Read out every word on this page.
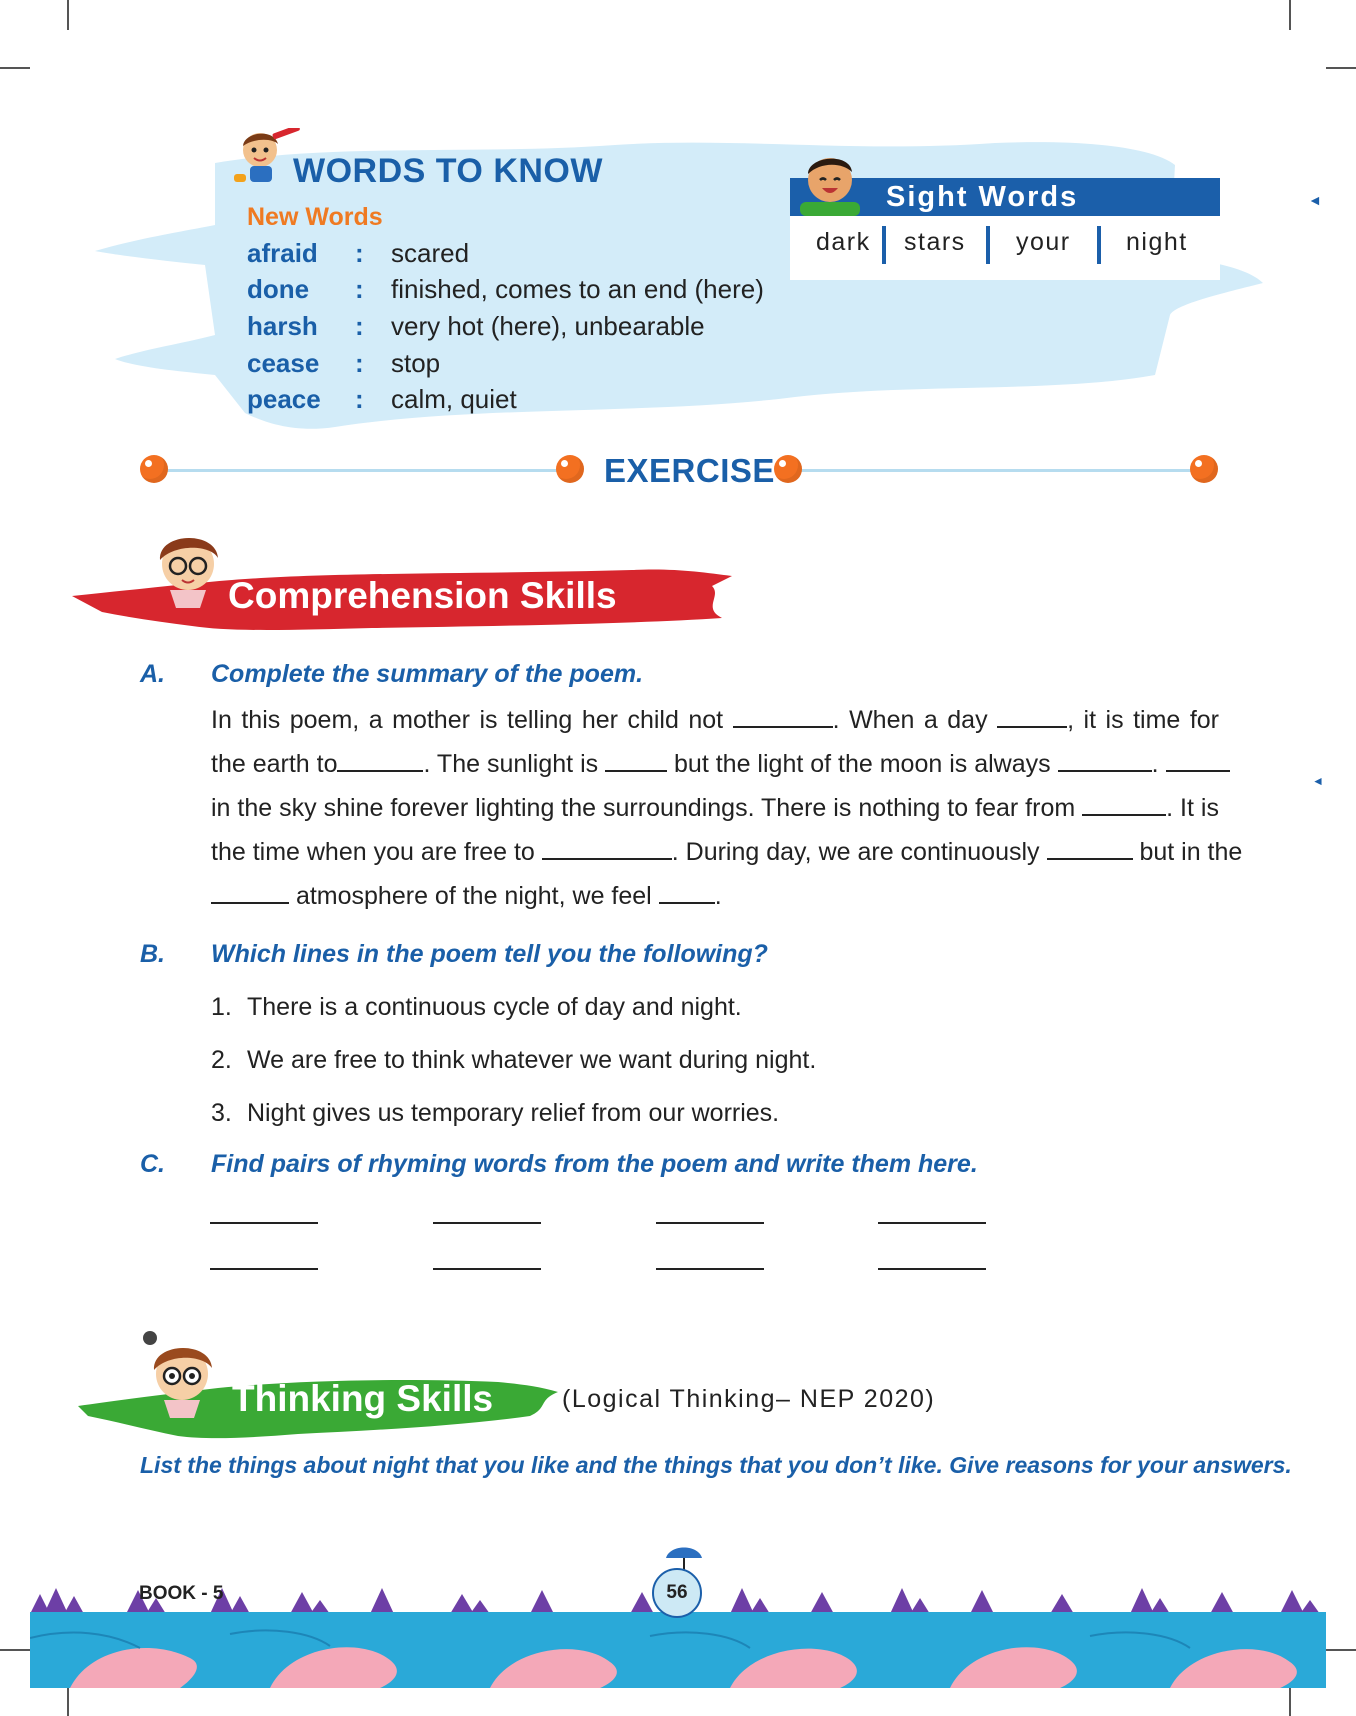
WORDS TO KNOW
New Words
afraid	: scared
done	: finished, comes to an end (here)
harsh	: very hot (here), unbearable
cease	: stop
peace	: calm, quiet
Sight Words
dark stars your night
◄
◄
EXERCISE
Comprehension Skills
A. Complete the summary of the poem.
In this poem, a mother is telling her child not	. When a day	, it is time for
the earth to	. The sunlight is	but the light of the moon is always	.
in the sky shine forever lighting the surroundings. There is nothing to fear from	. It is
the time when you are free to	. During day, we are continuously	but in the
atmosphere of the night, we feel	.
B. Which lines in the poem tell you the following?
1. There is a continuous cycle of day and night.
2. We are free to think whatever we want during night.
3. Night gives us temporary relief from our worries.
C. Find pairs of rhyming words from the poem and write them here.
Thinking Skills	(Logical Thinking– NEP 2020)
List the things about night that you like and the things that you don’t like. Give reasons for your answers.
BOOK - 5	56
